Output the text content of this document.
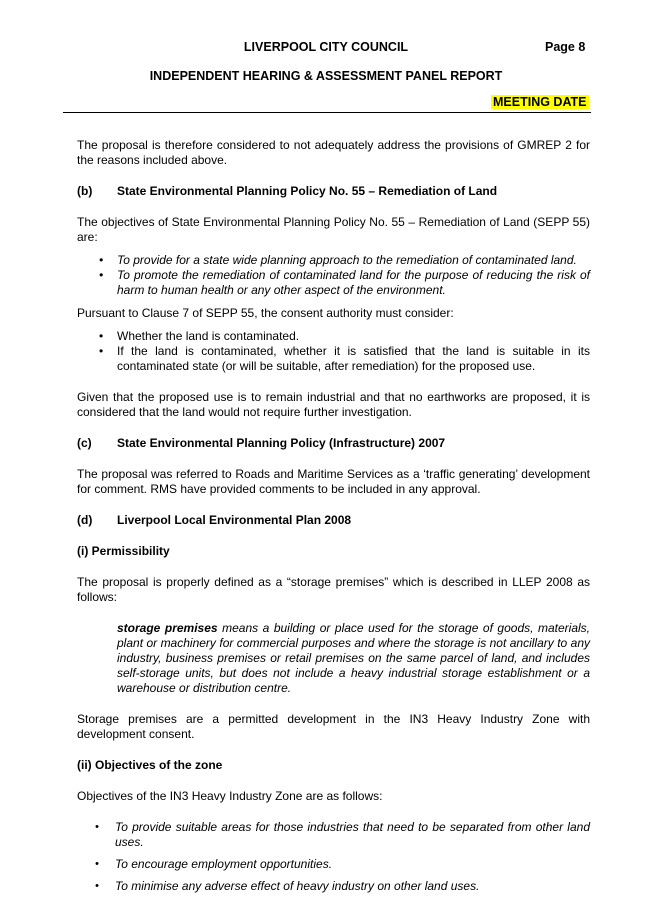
LIVERPOOL CITY COUNCIL	Page 8
INDEPENDENT HEARING & ASSESSMENT PANEL REPORT
MEETING DATE

The proposal is therefore considered to not adequately address the provisions of GMREP 2 for the reasons included above.

(b)	State Environmental Planning Policy No. 55 – Remediation of Land

The objectives of State Environmental Planning Policy No. 55 – Remediation of Land (SEPP 55) are:

•
To provide for a state wide planning approach to the remediation of contaminated land.
•
To promote the remediation of contaminated land for the purpose of reducing the risk of harm to human health or any other aspect of the environment.

Pursuant to Clause 7 of SEPP 55, the consent authority must consider:

•
Whether the land is contaminated.
•
If the land is contaminated, whether it is satisfied that the land is suitable in its contaminated state (or will be suitable, after remediation) for the proposed use.

Given that the proposed use is to remain industrial and that no earthworks are proposed, it is considered that the land would not require further investigation.

(c)	State Environmental Planning Policy (Infrastructure) 2007

The proposal was referred to Roads and Maritime Services as a ‘traffic generating’ development for comment. RMS have provided comments to be included in any approval.

(d)	Liverpool Local Environmental Plan 2008
(i) Permissibility

The proposal is properly defined as a “storage premises” which is described in LLEP 2008 as follows:

storage premises means a building or place used for the storage of goods, materials, plant or machinery for commercial purposes and where the storage is not ancillary to any industry, business premises or retail premises on the same parcel of land, and includes self-storage units, but does not include a heavy industrial storage establishment or a warehouse or distribution centre.

Storage premises are a permitted development in the IN3 Heavy Industry Zone with development consent.

(ii) Objectives of the zone

Objectives of the IN3 Heavy Industry Zone are as follows:

•
To provide suitable areas for those industries that need to be separated from other land uses.
•
To encourage employment opportunities.
•
To minimise any adverse effect of heavy industry on other land uses.
